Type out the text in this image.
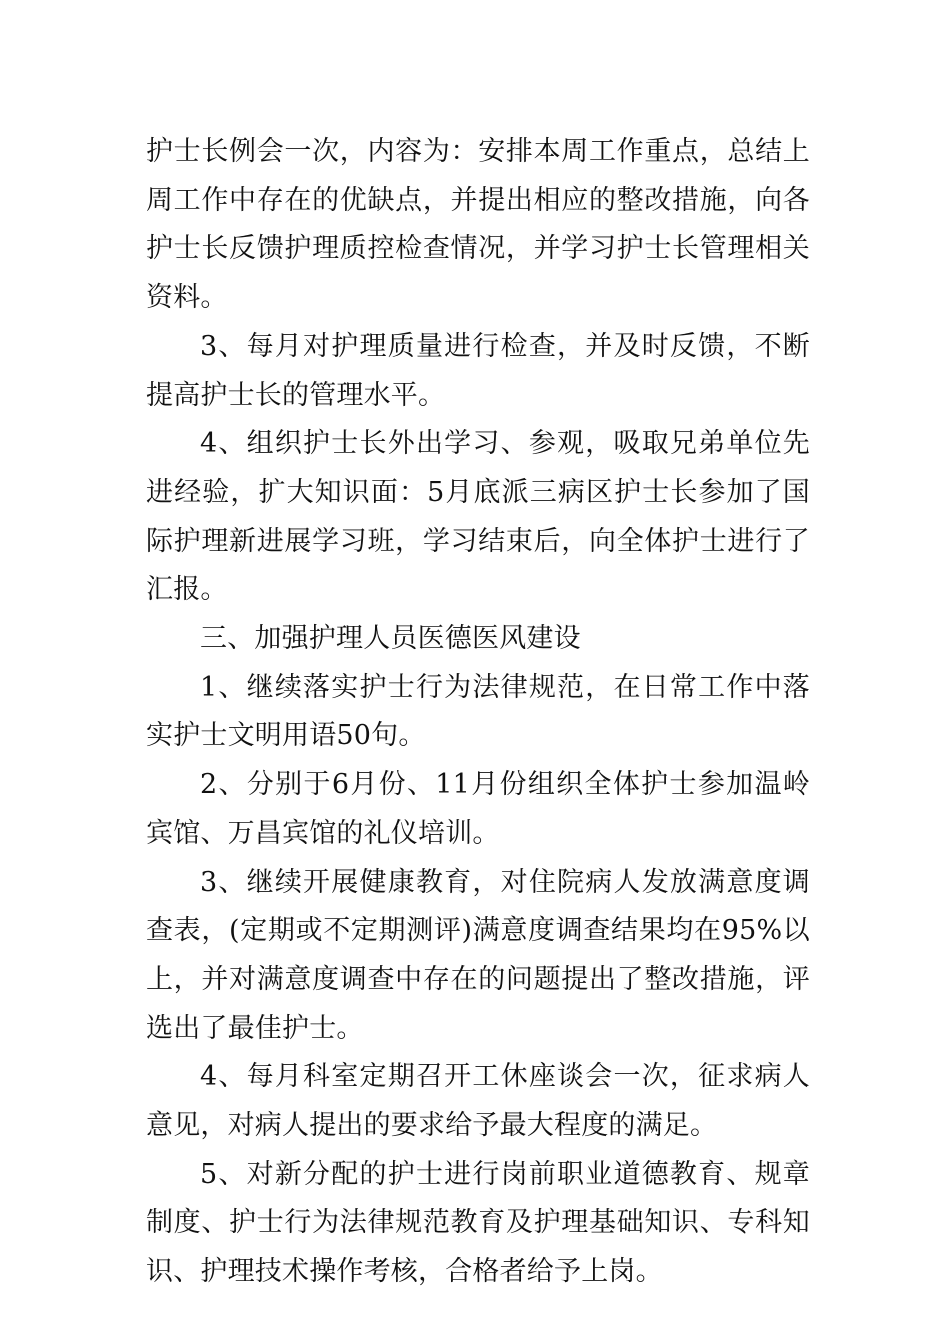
护士长例会一次，内容为：安排本周工作重点，总结上周工作中存在的优缺点，并提出相应的整改措施，向各护士长反馈护理质控检查情况，并学习护士长管理相关资料。

3、每月对护理质量进行检查，并及时反馈，不断提高护士长的管理水平。

4、组织护士长外出学习、参观，吸取兄弟单位先进经验，扩大知识面：5月底派三病区护士长参加了国际护理新进展学习班，学习结束后，向全体护士进行了汇报。

三、加强护理人员医德医风建设

1、继续落实护士行为法律规范，在日常工作中落实护士文明用语50句。

2、分别于6月份、11月份组织全体护士参加温岭宾馆、万昌宾馆的礼仪培训。

3、继续开展健康教育，对住院病人发放满意度调查表，(定期或不定期测评)满意度调查结果均在95%以上，并对满意度调查中存在的问题提出了整改措施，评选出了最佳护士。

4、每月科室定期召开工休座谈会一次，征求病人意见，对病人提出的要求给予最大程度的满足。

5、对新分配的护士进行岗前职业道德教育、规章制度、护士行为法律规范教育及护理基础知识、专科知识、护理技术操作考核，合格者给予上岗。
